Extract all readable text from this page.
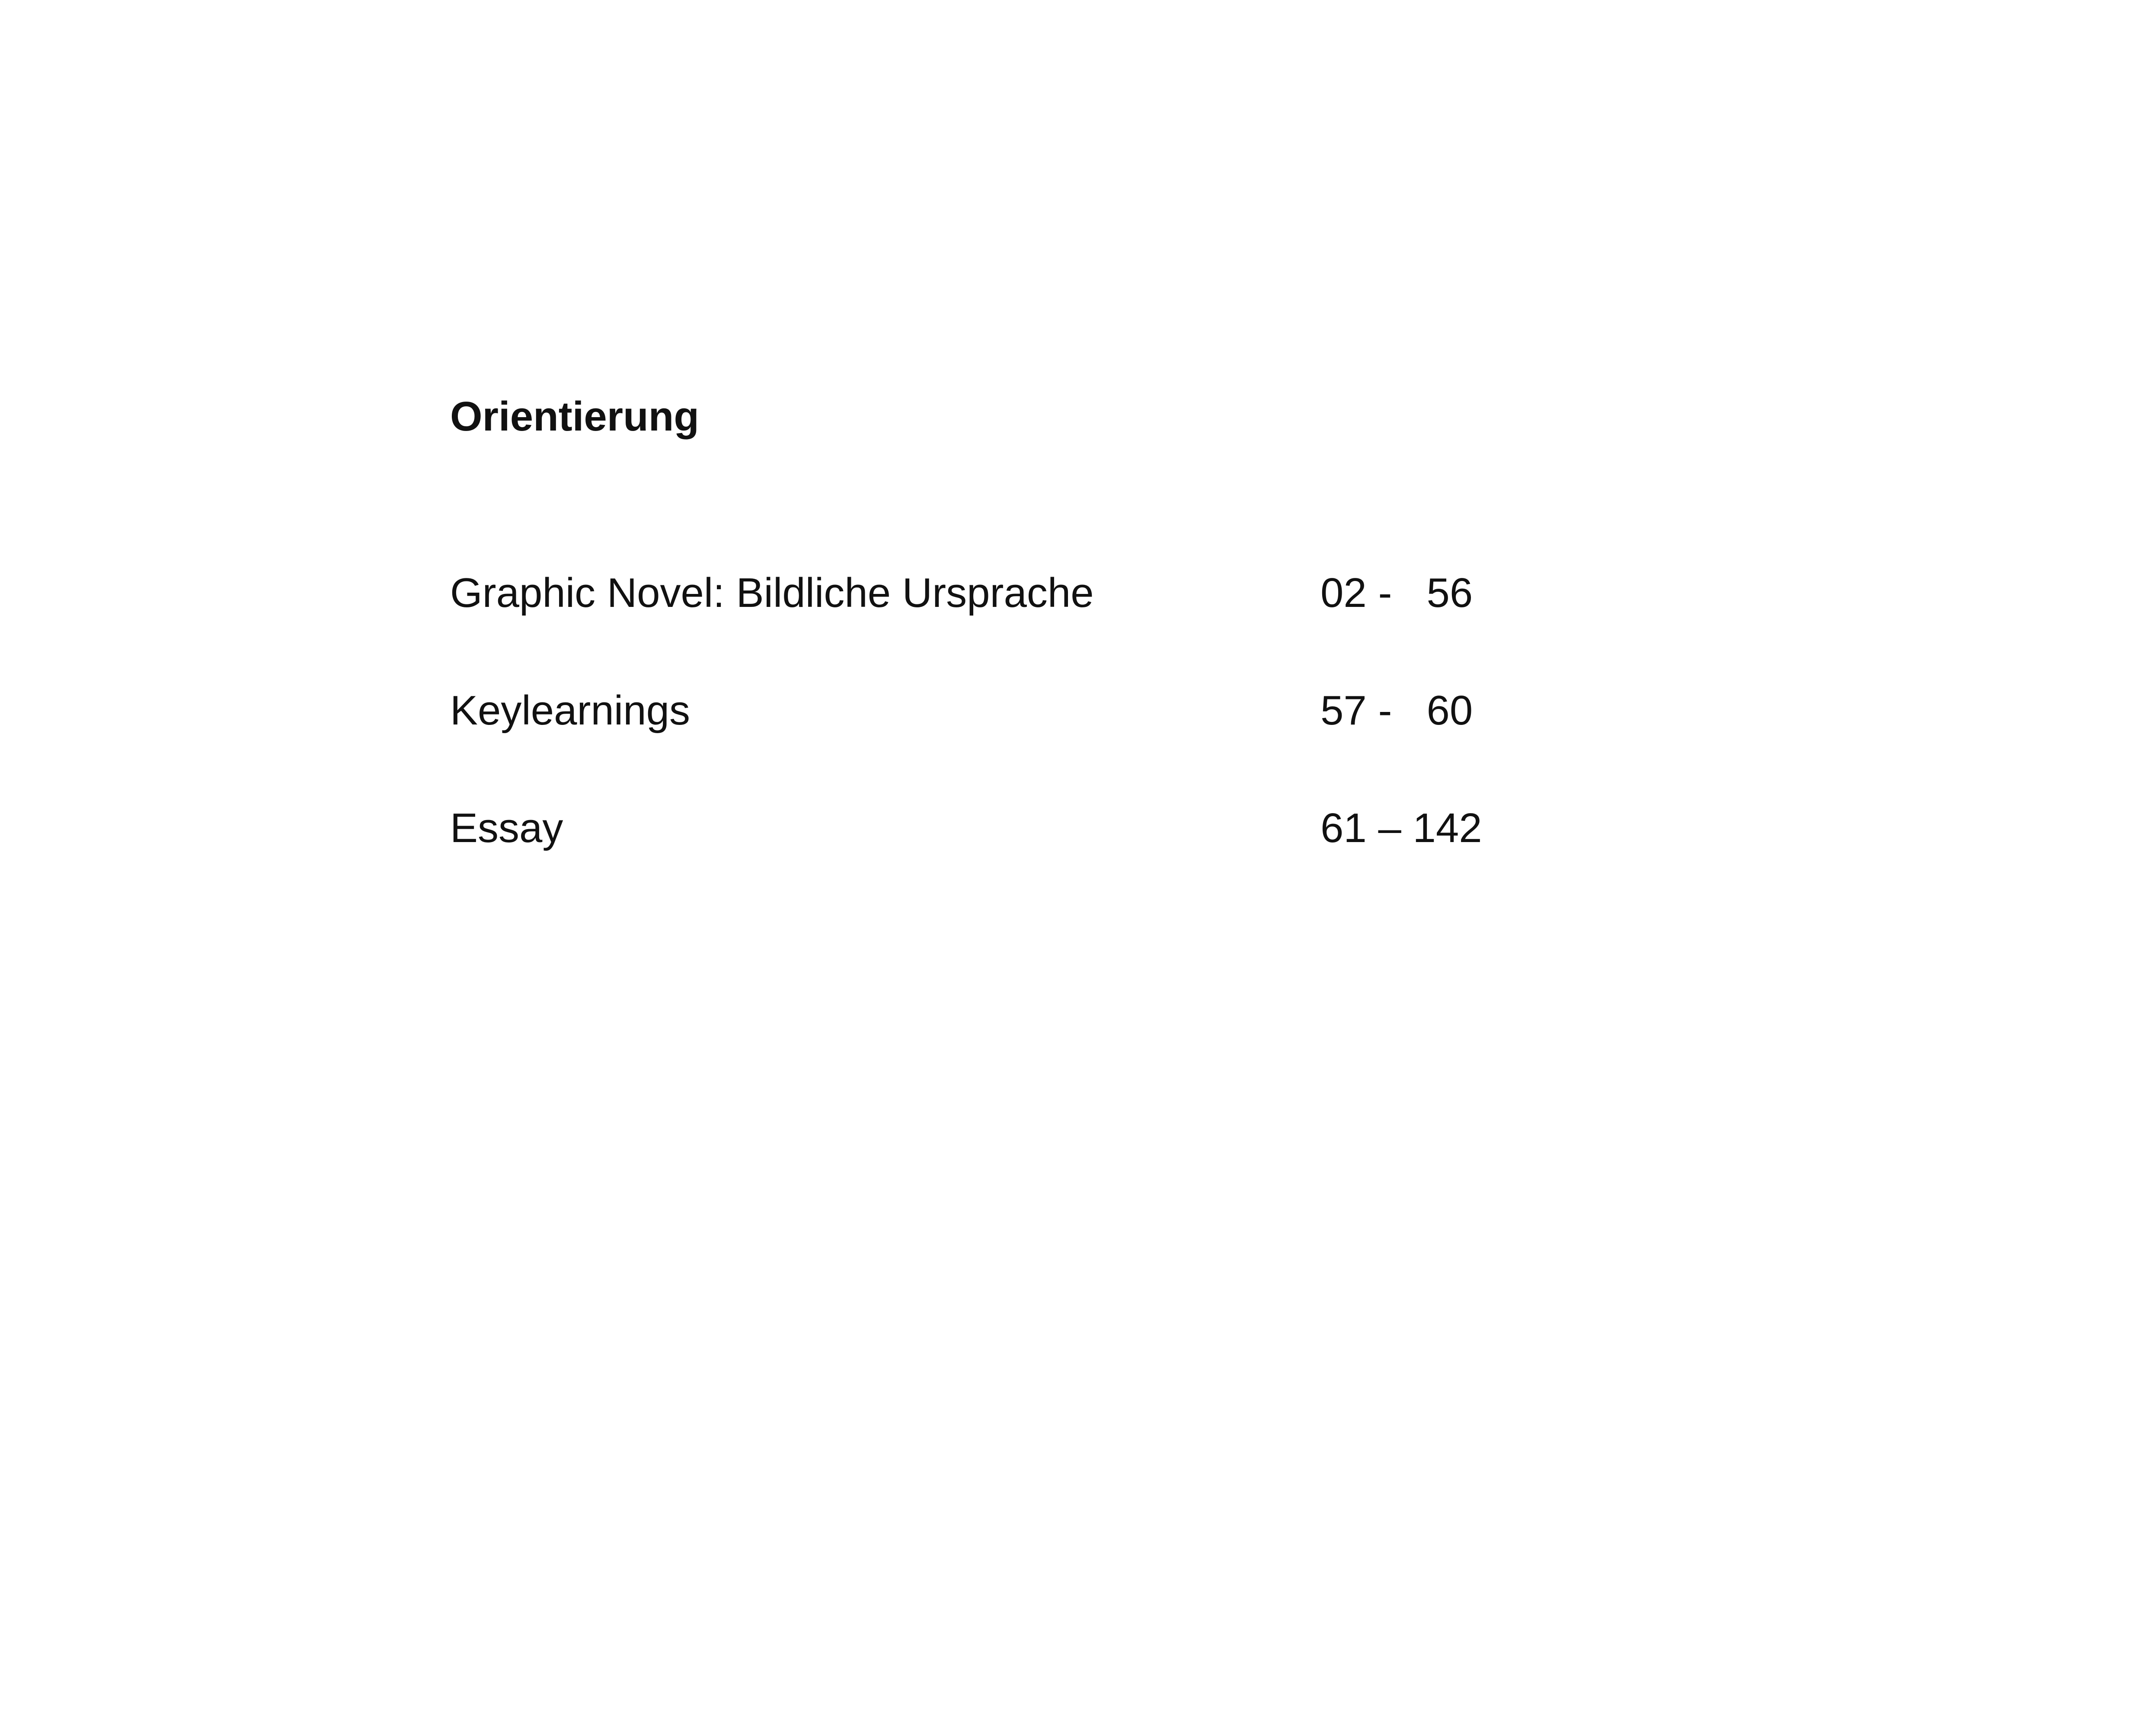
Orientierung
Graphic Novel: Bildliche Ursprache	02 -   56
Keylearnings	57 -   60
Essay	61 – 142
